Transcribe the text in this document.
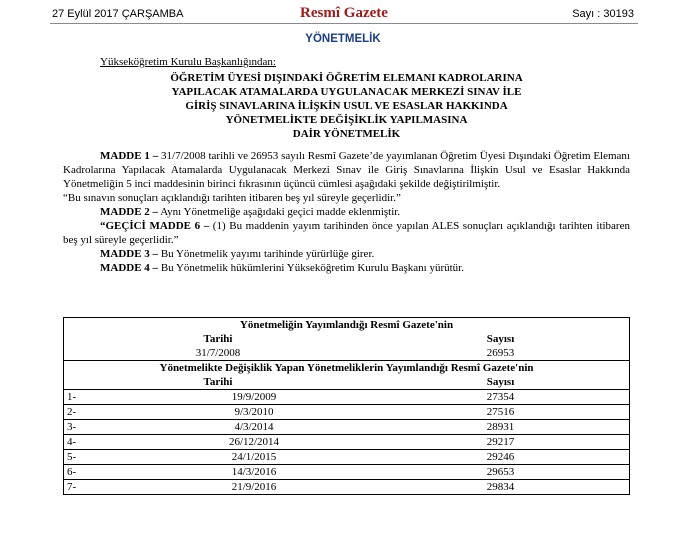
27 Eylül 2017 ÇARŞAMBA	Resmî Gazete	Sayı : 30193
YÖNETMELİK
Yükseköğretim Kurulu Başkanlığından:
ÖĞRETİM ÜYESİ DIŞINDAKİ ÖĞRETİM ELEMANI KADROLARINA
YAPILACAK ATAMALARDA UYGULANACAK MERKEZİ SINAV İLE
GİRİŞ SINAVLARINA İLİŞKİN USUL VE ESASLAR HAKKINDA
YÖNETMELİKTE DEĞİŞİKLİK YAPILMASINA
DAİR YÖNETMELİK
MADDE 1 – 31/7/2008 tarihli ve 26953 sayılı Resmî Gazete’de yayımlanan Öğretim Üyesi Dışındaki Öğretim Elemanı Kadrolarına Yapılacak Atamalarda Uygulanacak Merkezi Sınav ile Giriş Sınavlarına İlişkin Usul ve Esaslar Hakkında Yönetmeliğin 5 inci maddesinin birinci fıkrasının üçüncü cümlesi aşağıdaki şekilde değiştirilmiştir.
“Bu sınavın sonuçları açıklandığı tarihten itibaren beş yıl süreyle geçerlidir.”
MADDE 2 – Aynı Yönetmeliğe aşağıdaki geçici madde eklenmiştir.
“GEÇİCİ MADDE 6 – (1) Bu maddenin yayım tarihinden önce yapılan ALES sonuçları açıklandığı tarihten itibaren beş yıl süreyle geçerlidir.”
MADDE 3 – Bu Yönetmelik yayımı tarihinde yürürlüğe girer.
MADDE 4 – Bu Yönetmelik hükümlerini Yükseköğretim Kurulu Başkanı yürütür.
Yönetmeliğin Yayımlandığı Resmî Gazete'nin		
Tarihi		Sayısı
31/7/2008		26953
Yönetmelikte Değişiklik Yapan Yönetmeliklerin Yayımlandığı Resmî Gazete'nin		
Tarihi		Sayısı
1-	19/9/2009	27354
2-	9/3/2010	27516
3-	4/3/2014	28931
4-	26/12/2014	29217
5-	24/1/2015	29246
6-	14/3/2016	29653
7-	21/9/2016	29834
